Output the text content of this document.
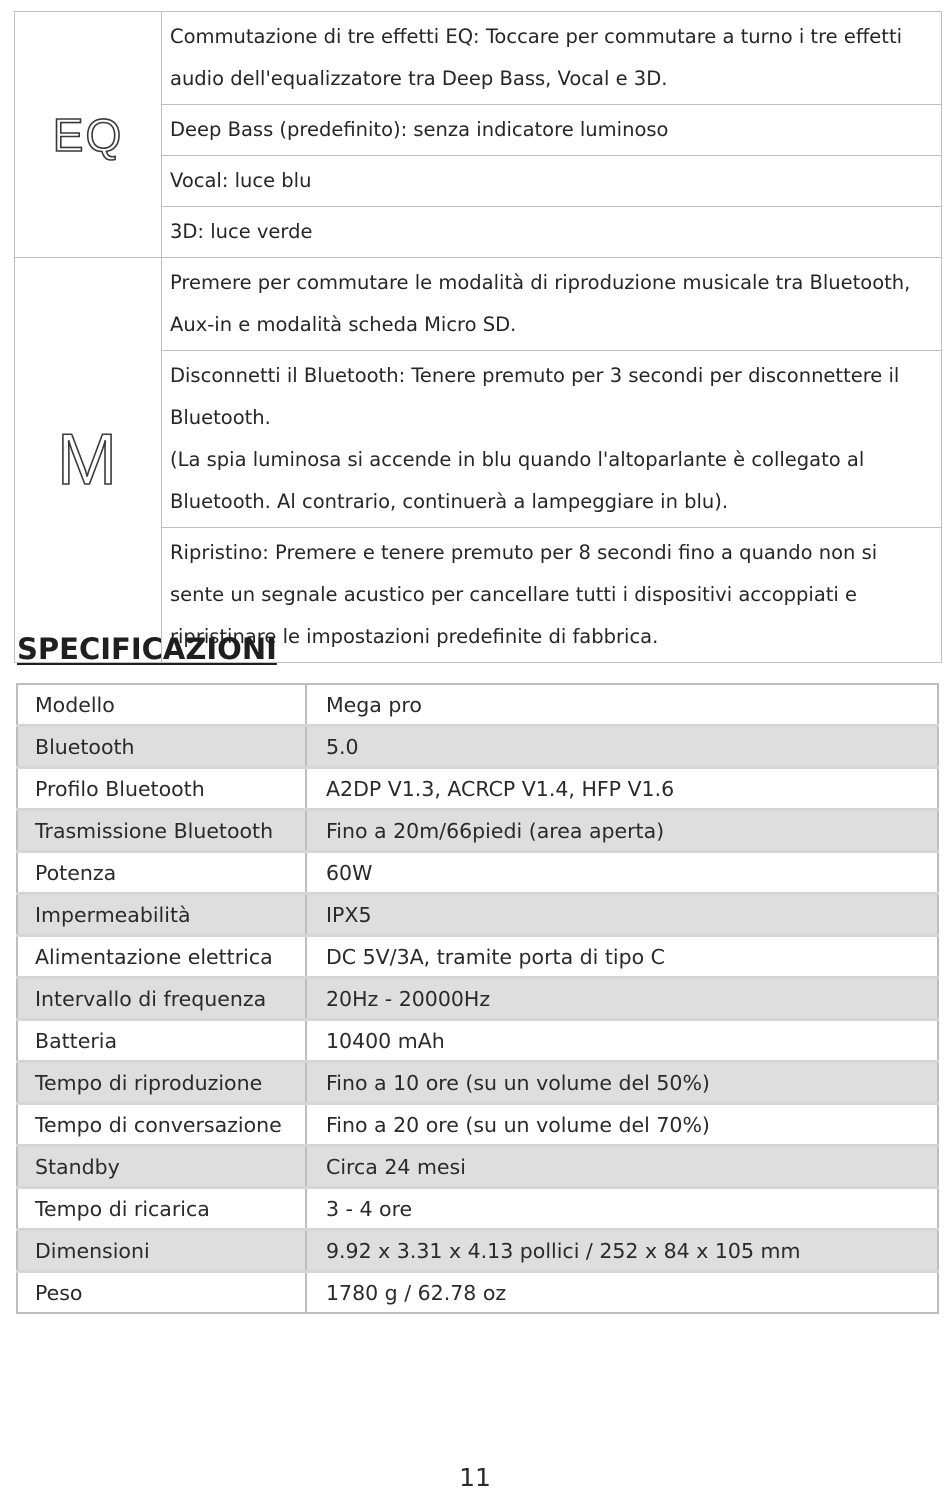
EQ	Commutazione di tre effetti EQ: Toccare per commutare a turno i tre effetti audio dell'equalizzatore tra Deep Bass, Vocal e 3D.
	Deep Bass (predefinito): senza indicatore luminoso
	Vocal: luce blu
	3D: luce verde
M	Premere per commutare le modalità di riproduzione musicale tra Bluetooth, Aux-in e modalità scheda Micro SD.

	Disconnetti il Bluetooth: Tenere premuto per 3 secondi per disconnettere il Bluetooth.
(La spia luminosa si accende in blu quando l'altoparlante è collegato al Bluetooth. Al contrario, continuerà a lampeggiare in blu).

	Ripristino: Premere e tenere premuto per 8 secondi fino a quando non si sente un segnale acustico per cancellare tutti i dispositivi accoppiati e ripristinare le impostazioni predefinite di fabbrica.
SPECIFICAZIONI
Modello	Mega pro
Bluetooth	5.0
Profilo Bluetooth	A2DP V1.3, ACRCP V1.4, HFP V1.6
Trasmissione Bluetooth	Fino a 20m/66piedi (area aperta)
Potenza	60W
Impermeabilità	IPX5
Alimentazione elettrica	DC 5V/3A, tramite porta di tipo C
Intervallo di frequenza	20Hz - 20000Hz
Batteria	10400 mAh
Tempo di riproduzione	Fino a 10 ore (su un volume del 50%)
Tempo di conversazione	Fino a 20 ore (su un volume del 70%)
Standby	Circa 24 mesi
Tempo di ricarica	3 - 4 ore
Dimensioni	9.92 x 3.31 x 4.13 pollici / 252 x 84 x 105 mm
Peso	1780 g / 62.78 oz
11
